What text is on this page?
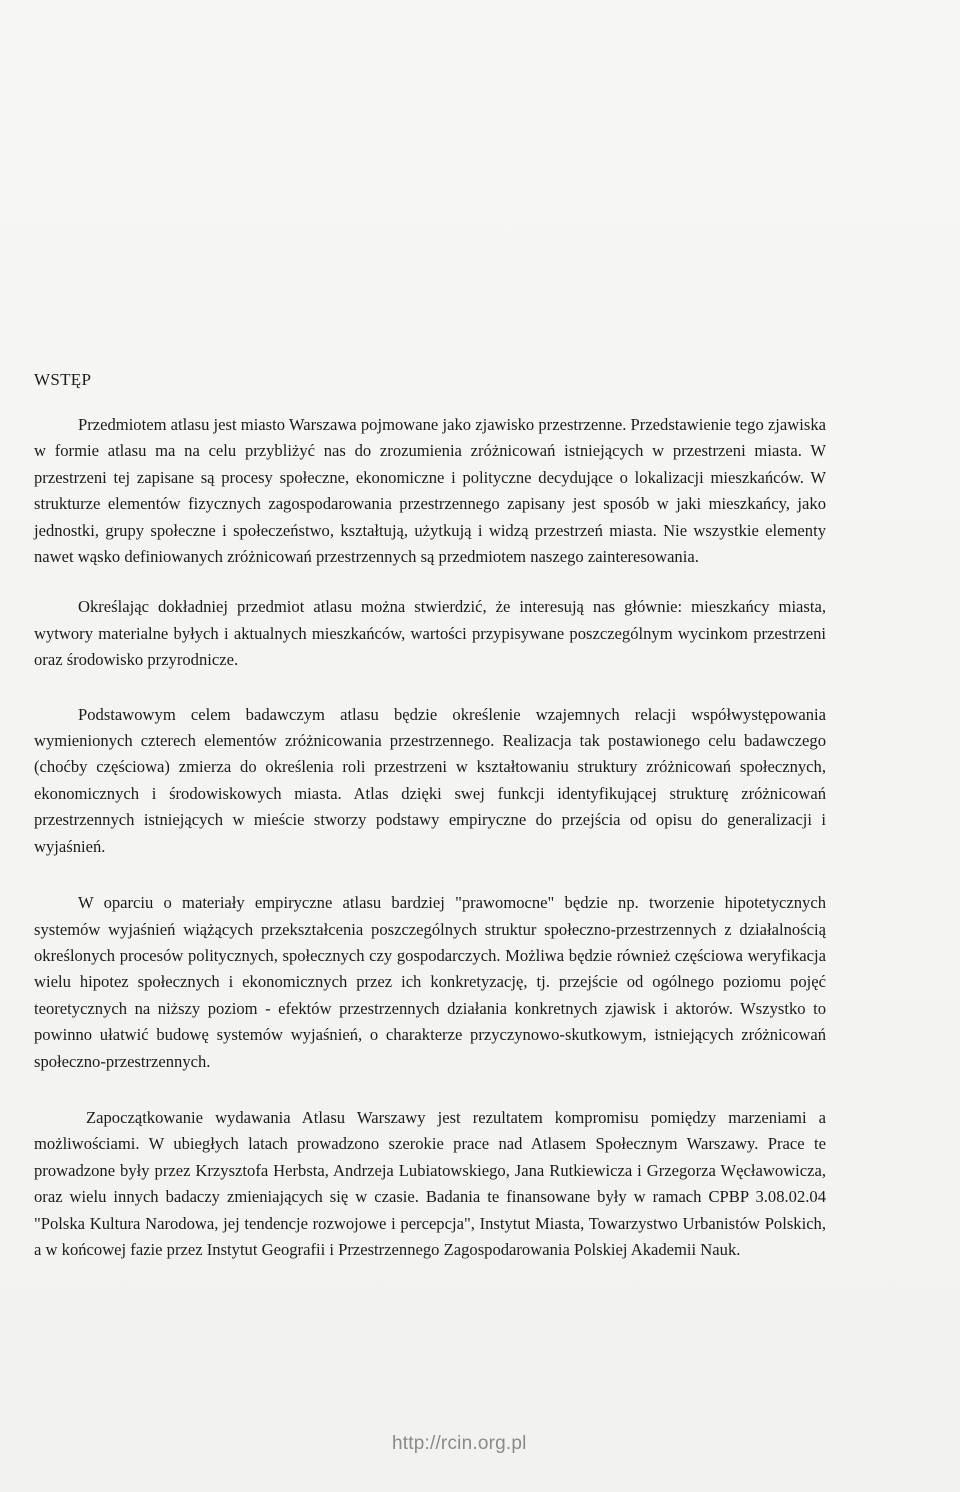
WSTĘP

Przedmiotem atlasu jest miasto Warszawa pojmowane jako zjawisko przestrzenne. Przedstawienie tego zjawiska w formie atlasu ma na celu przybliżyć nas do zrozumienia zróżnicowań istniejących w przestrzeni miasta. W przestrzeni tej zapisane są procesy społeczne, ekonomiczne i polityczne decydujące o lokalizacji mieszkańców. W strukturze elementów fizycznych zagospodarowania przestrzennego zapisany jest sposób w jaki mieszkańcy, jako jednostki, grupy społeczne i społeczeństwo, kształtują, użytkują i widzą przestrzeń miasta. Nie wszystkie elementy nawet wąsko definiowanych zróżnicowań przestrzennych są przedmiotem naszego zainteresowania.

Określając dokładniej przedmiot atlasu można stwierdzić, że interesują nas głównie: mieszkańcy miasta, wytwory materialne byłych i aktualnych mieszkańców, wartości przypisywane poszczególnym wycinkom przestrzeni oraz środowisko przyrodnicze.

Podstawowym celem badawczym atlasu będzie określenie wzajemnych relacji współwystępowania wymienionych czterech elementów zróżnicowania przestrzennego. Realizacja tak postawionego celu badawczego (choćby częściowa) zmierza do określenia roli przestrzeni w kształtowaniu struktury zróżnicowań społecznych, ekonomicznych i środowiskowych miasta. Atlas dzięki swej funkcji identyfikującej strukturę zróżnicowań przestrzennych istniejących w mieście stworzy podstawy empiryczne do przejścia od opisu do generalizacji i wyjaśnień.

W oparciu o materiały empiryczne atlasu bardziej "prawomocne" będzie np. tworzenie hipotetycznych systemów wyjaśnień wiążących przekształcenia poszczególnych struktur społeczno-przestrzennych z działalnością określonych procesów politycznych, społecznych czy gospodarczych. Możliwa będzie również częściowa weryfikacja wielu hipotez społecznych i ekonomicznych przez ich konkretyzację, tj. przejście od ogólnego poziomu pojęć teoretycznych na niższy poziom - efektów przestrzennych działania konkretnych zjawisk i aktorów. Wszystko to powinno ułatwić budowę systemów wyjaśnień, o charakterze przyczynowo-skutkowym, istniejących zróżnicowań społeczno-przestrzennych.

Zapoczątkowanie wydawania Atlasu Warszawy jest rezultatem kompromisu pomiędzy marzeniami a możliwościami. W ubiegłych latach prowadzono szerokie prace nad Atlasem Społecznym Warszawy. Prace te prowadzone były przez Krzysztofa Herbsta, Andrzeja Lubiatowskiego, Jana Rutkiewicza i Grzegorza Węcławowicza, oraz wielu innych badaczy zmieniających się w czasie. Badania te finansowane były w ramach CPBP 3.08.02.04 "Polska Kultura Narodowa, jej tendencje rozwojowe i percepcja", Instytut Miasta, Towarzystwo Urbanistów Polskich, a w końcowej fazie przez Instytut Geografii i Przestrzennego Zagospodarowania Polskiej Akademii Nauk.

http://rcin.org.pl
